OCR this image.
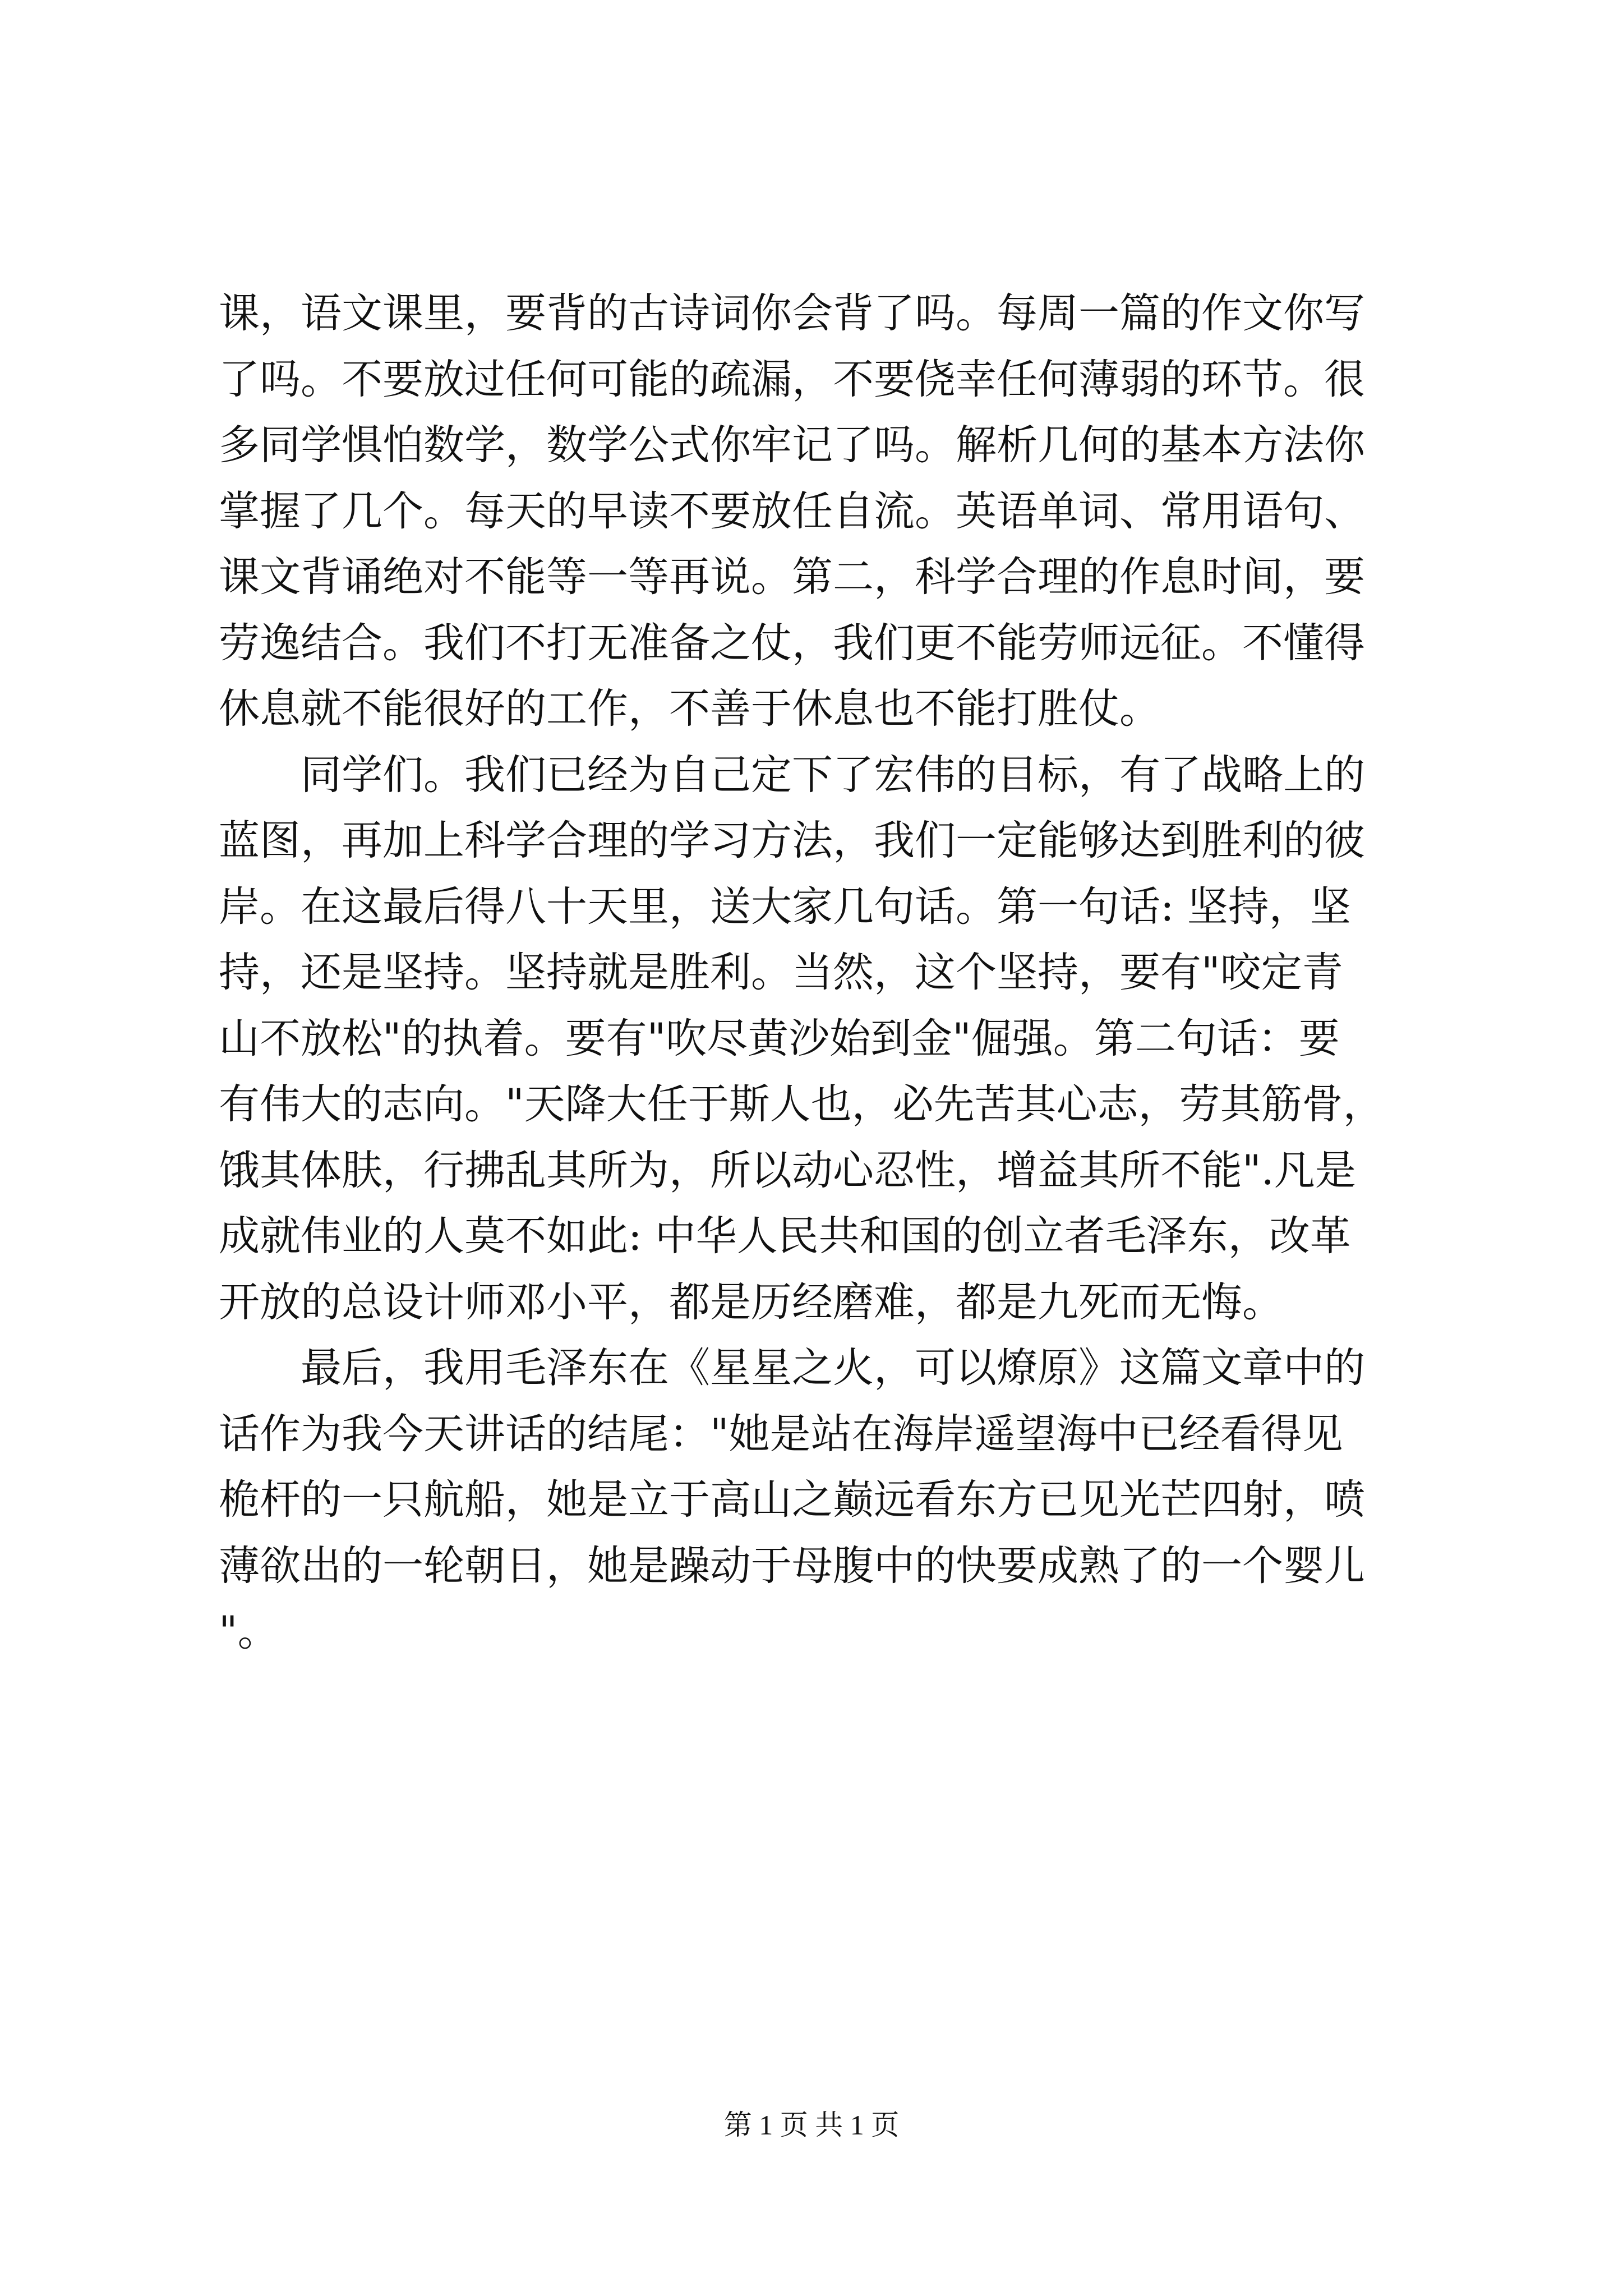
课，语文课里，要背的古诗词你会背了吗。每周一篇的作文你写
了吗。不要放过任何可能的疏漏，不要侥幸任何薄弱的环节。很
多同学惧怕数学，数学公式你牢记了吗。解析几何的基本方法你
掌握了几个。每天的早读不要放任自流。英语单词、常用语句、
课文背诵绝对不能等一等再说。第二，科学合理的作息时间，要
劳逸结合。我们不打无准备之仗，我们更不能劳师远征。不懂得
休息就不能很好的工作，不善于休息也不能打胜仗。
　　同学们。我们已经为自己定下了宏伟的目标，有了战略上的
蓝图，再加上科学合理的学习方法，我们一定能够达到胜利的彼
岸。在这最后得八十天里，送大家几句话。第一句话: 坚持，坚
持，还是坚持。坚持就是胜利。当然，这个坚持，要有"咬定青
山不放松"的执着。要有"吹尽黄沙始到金"倔强。第二句话：要
有伟大的志向。"天降大任于斯人也，必先苦其心志，劳其筋骨，
饿其体肤，行拂乱其所为，所以动心忍性，增益其所不能".凡是
成就伟业的人莫不如此: 中华人民共和国的创立者毛泽东，改革
开放的总设计师邓小平，都是历经磨难，都是九死而无悔。
　　最后，我用毛泽东在《星星之火，可以燎原》这篇文章中的
话作为我今天讲话的结尾："她是站在海岸遥望海中已经看得见
桅杆的一只航船，她是立于高山之巅远看东方已见光芒四射，喷
薄欲出的一轮朝日，她是躁动于母腹中的快要成熟了的一个婴儿
"。
第 1 页 共 1 页
